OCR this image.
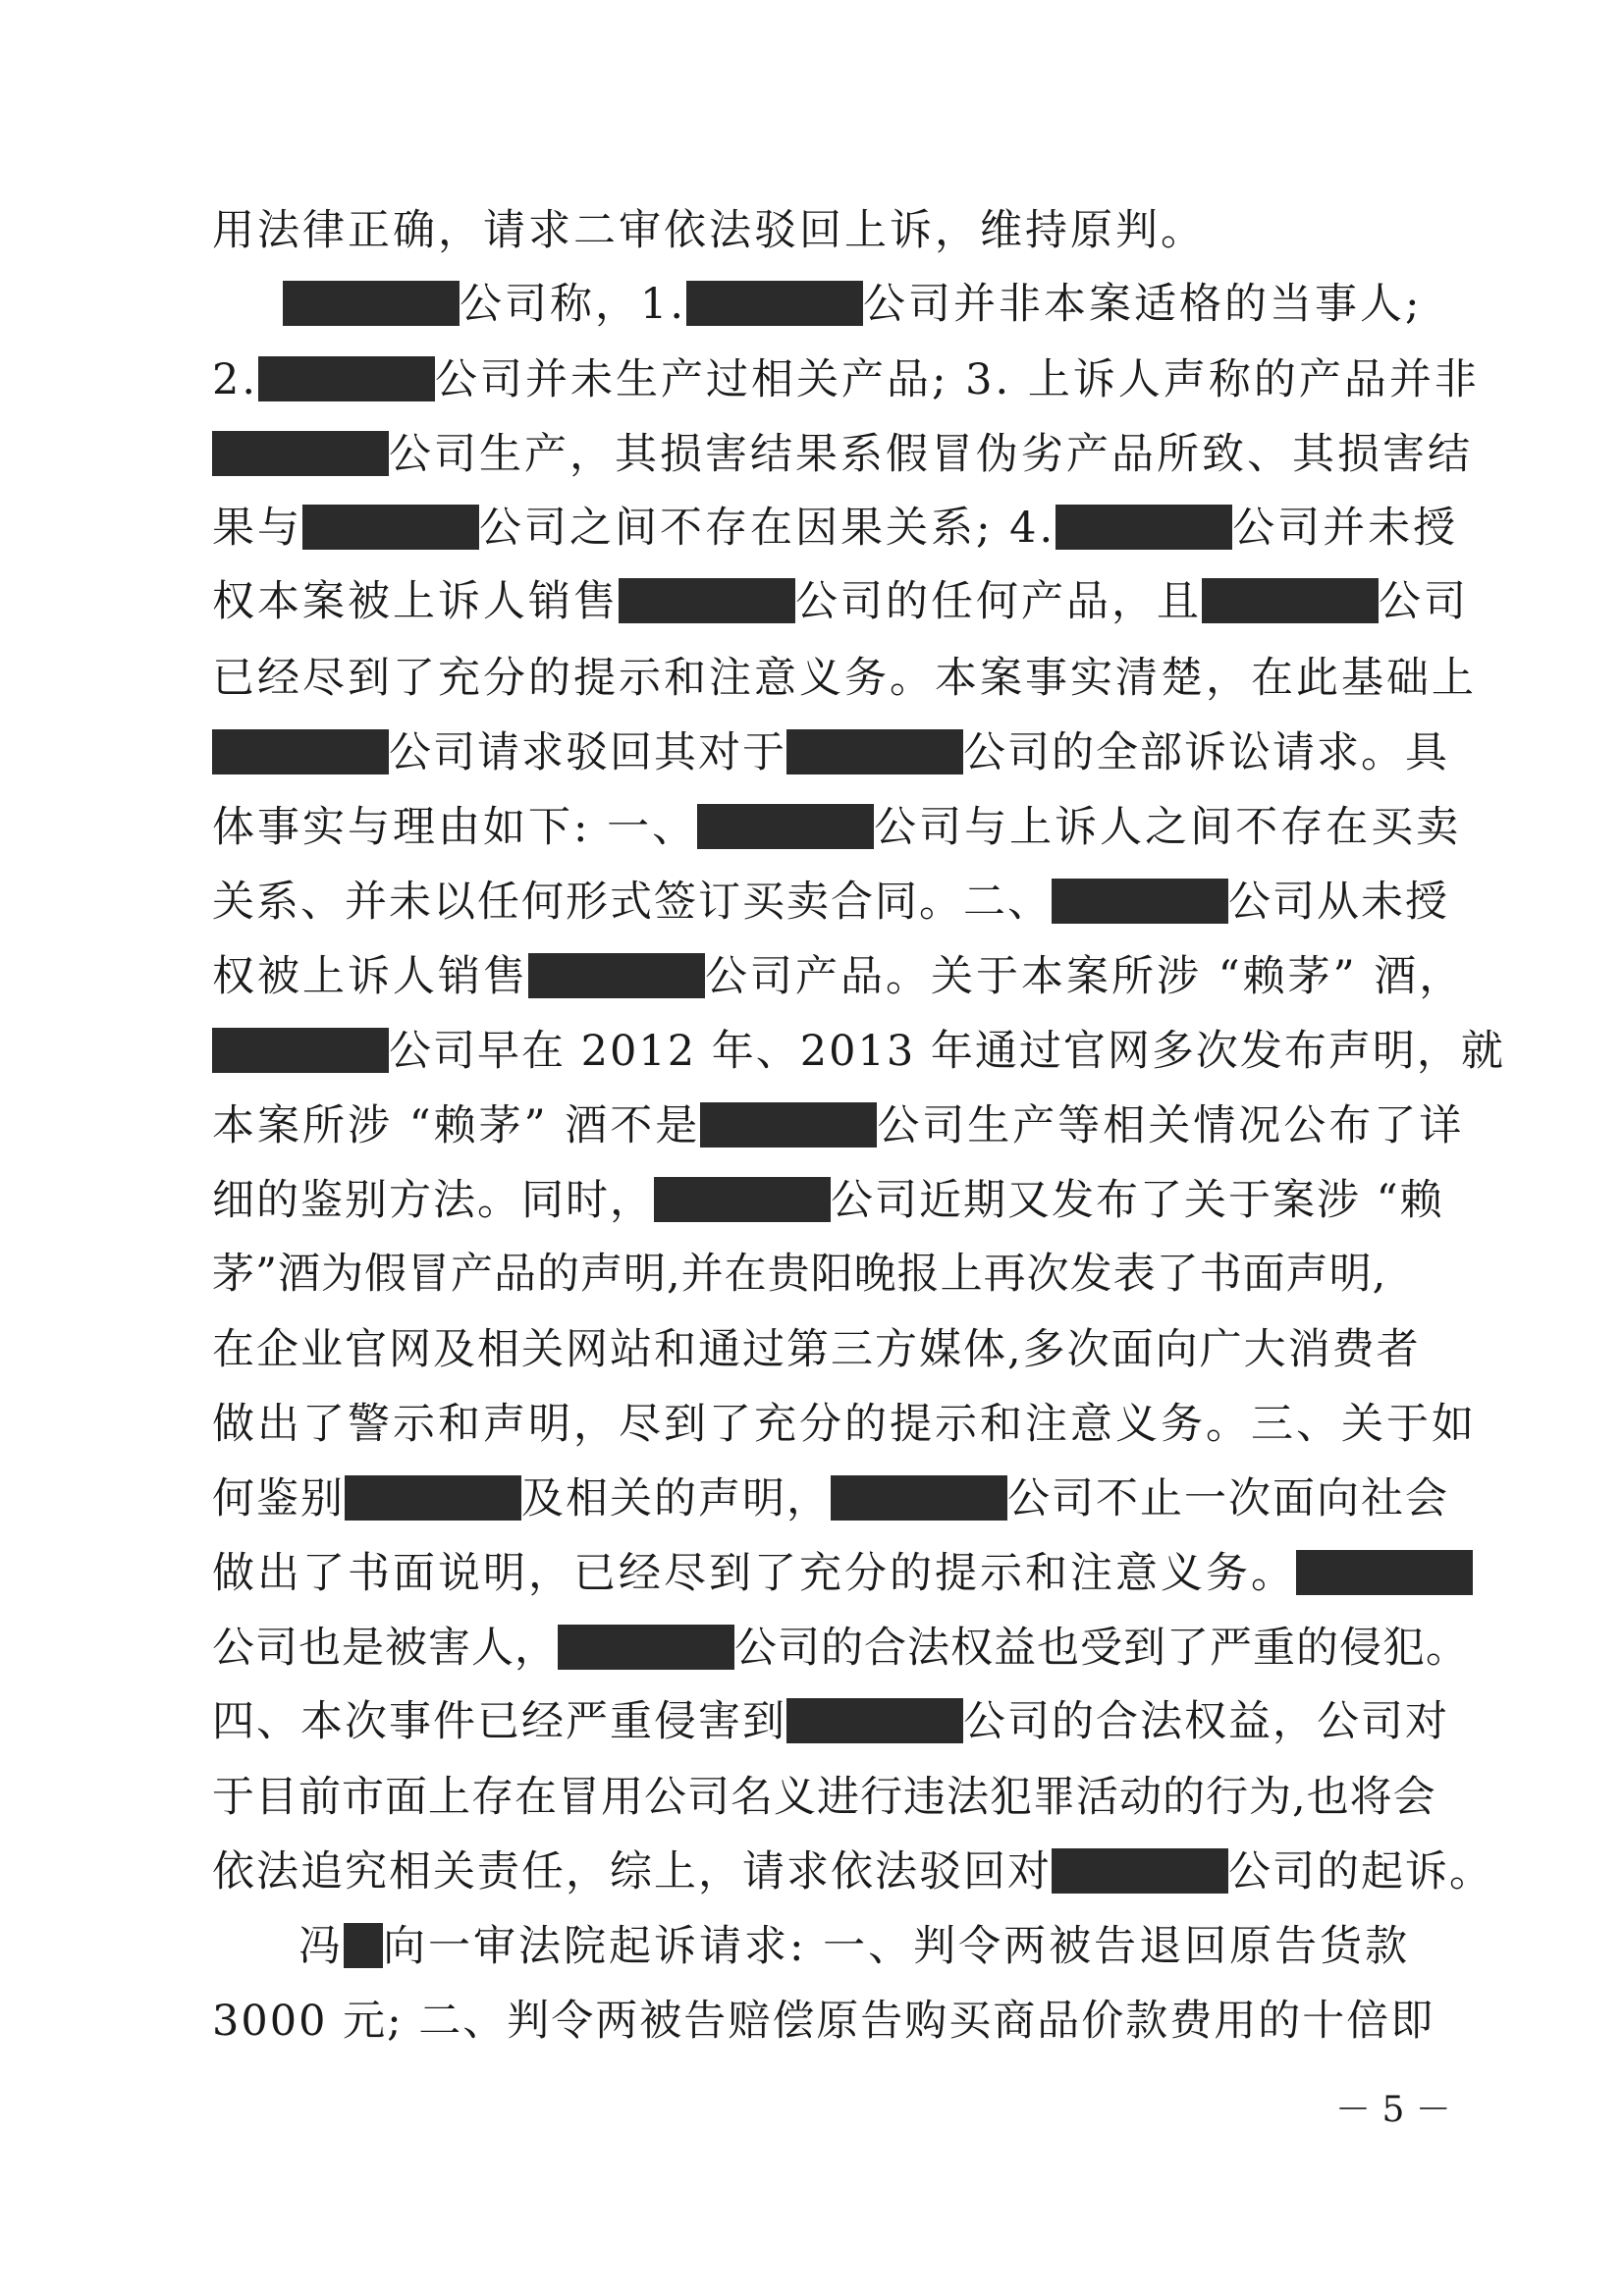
用法律正确，请求二审依法驳回上诉，维持原判。
公司称，1.	公司并非本案适格的当事人;
2.	公司并未生产过相关产品; 3. 上诉人声称的产品并非
公司生产，其损害结果系假冒伪劣产品所致、其损害结
果与	公司之间不存在因果关系; 4.	公司并未授
权本案被上诉人销售	公司的任何产品，且	公司
已经尽到了充分的提示和注意义务。本案事实清楚，在此基础上
公司请求驳回其对于	公司的全部诉讼请求。具
体事实与理由如下: 一、	公司与上诉人之间不存在买卖
关系、并未以任何形式签订买卖合同。二、	公司从未授
权被上诉人销售	公司产品。关于本案所涉 “赖茅” 酒，
公司早在 2012 年、2013 年通过官网多次发布声明，就
本案所涉 “赖茅” 酒不是	公司生产等相关情况公布了详
细的鉴别方法。同时，	公司近期又发布了关于案涉 “赖
茅”酒为假冒产品的声明,并在贵阳晚报上再次发表了书面声明,
在企业官网及相关网站和通过第三方媒体,多次面向广大消费者
做出了警示和声明，尽到了充分的提示和注意义务。三、关于如
何鉴别	及相关的声明，	公司不止一次面向社会
做出了书面说明，已经尽到了充分的提示和注意义务。
公司也是被害人，	公司的合法权益也受到了严重的侵犯。
四、本次事件已经严重侵害到	公司的合法权益，公司对
于目前市面上存在冒用公司名义进行违法犯罪活动的行为,也将会
依法追究相关责任，综上，请求依法驳回对	公司的起诉。
冯 向一审法院起诉请求: 一、判令两被告退回原告货款
3000 元; 二、判令两被告赔偿原告购买商品价款费用的十倍即
－ 5 －
